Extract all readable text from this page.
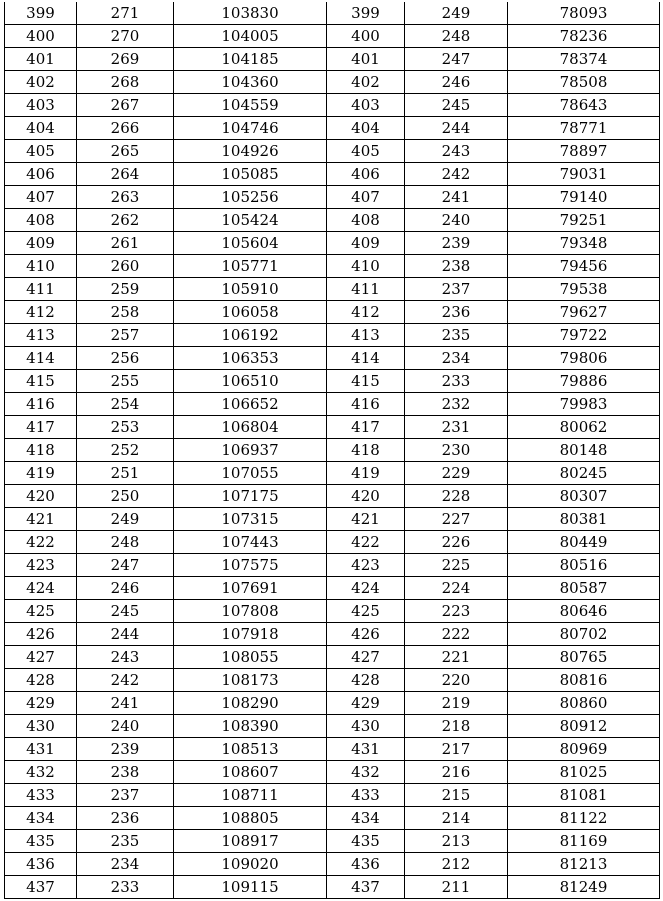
399	271	103830	399	249	78093
400	270	104005	400	248	78236
401	269	104185	401	247	78374
402	268	104360	402	246	78508
403	267	104559	403	245	78643
404	266	104746	404	244	78771
405	265	104926	405	243	78897
406	264	105085	406	242	79031
407	263	105256	407	241	79140
408	262	105424	408	240	79251
409	261	105604	409	239	79348
410	260	105771	410	238	79456
411	259	105910	411	237	79538
412	258	106058	412	236	79627
413	257	106192	413	235	79722
414	256	106353	414	234	79806
415	255	106510	415	233	79886
416	254	106652	416	232	79983
417	253	106804	417	231	80062
418	252	106937	418	230	80148
419	251	107055	419	229	80245
420	250	107175	420	228	80307
421	249	107315	421	227	80381
422	248	107443	422	226	80449
423	247	107575	423	225	80516
424	246	107691	424	224	80587
425	245	107808	425	223	80646
426	244	107918	426	222	80702
427	243	108055	427	221	80765
428	242	108173	428	220	80816
429	241	108290	429	219	80860
430	240	108390	430	218	80912
431	239	108513	431	217	80969
432	238	108607	432	216	81025
433	237	108711	433	215	81081
434	236	108805	434	214	81122
435	235	108917	435	213	81169
436	234	109020	436	212	81213
437	233	109115	437	211	81249
